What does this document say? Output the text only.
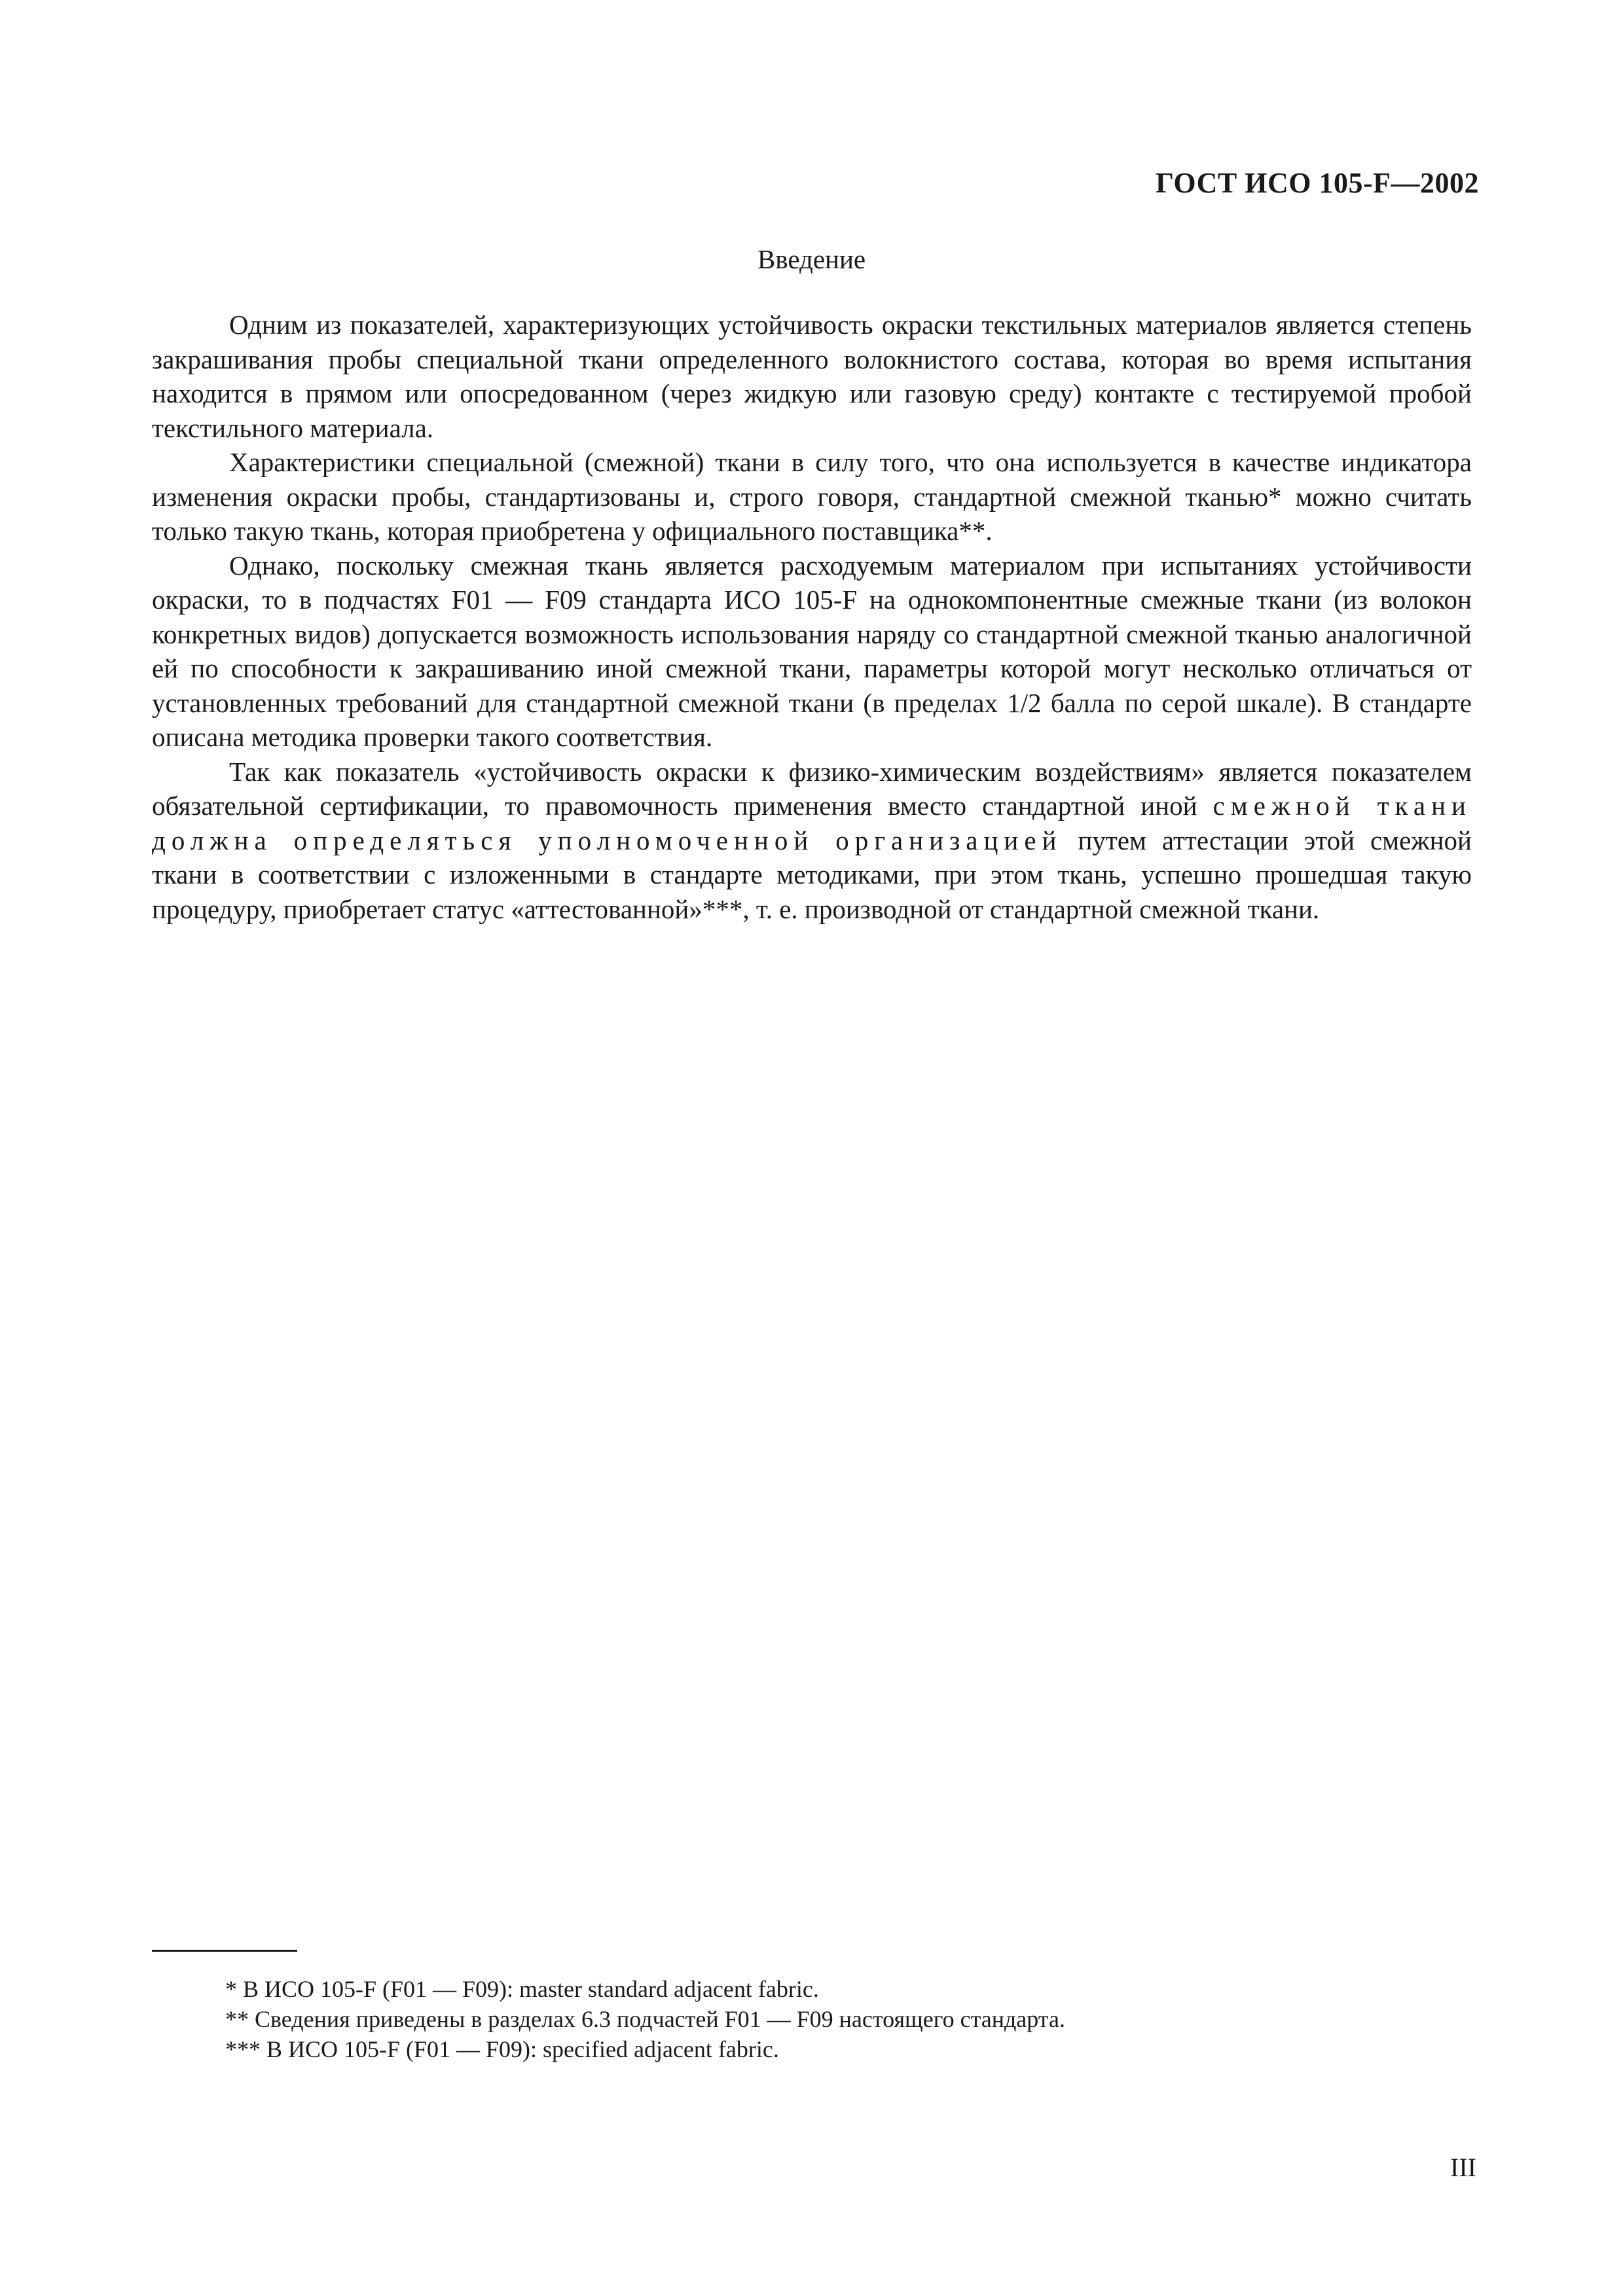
ГОСТ ИСО 105-F—2002
Введение

Одним из показателей, характеризующих устойчивость окраски текстильных материалов является степень закрашивания пробы специальной ткани определенного волокнистого состава, которая во время испытания находится в прямом или опосредованном (через жидкую или газовую среду) контакте с тестируемой пробой текстильного материала.

Характеристики специальной (смежной) ткани в силу того, что она используется в качестве индикатора изменения окраски пробы, стандартизованы и, строго говоря, стандартной смежной тканью* можно считать только такую ткань, которая приобретена у официального поставщика**.

Однако, поскольку смежная ткань является расходуемым материалом при испытаниях устойчивости окраски, то в подчастях F01 — F09 стандарта ИСО 105-F на однокомпонентные смежные ткани (из волокон конкретных видов) допускается возможность использования наряду со стандартной смежной тканью аналогичной ей по способности к закрашиванию иной смежной ткани, параметры которой могут несколько отличаться от установленных требований для стандартной смежной ткани (в пределах 1/2 балла по серой шкале). В стандарте описана методика проверки такого соответствия.

Так как показатель «устойчивость окраски к физико-химическим воздействиям» является показателем обязательной сертификации, то правомочность применения вместо стандартной иной смежной ткани должна определяться уполномоченной организацией путем аттестации этой смежной ткани в соответствии с изложенными в стандарте методиками, при этом ткань, успешно прошедшая такую процедуру, приобретает статус «аттестованной»***, т. е. производной от стандартной смежной ткани.

* В ИСО 105-F (F01 — F09): master standard adjacent fabric.

** Сведения приведены в разделах 6.3 подчастей F01 — F09 настоящего стандарта.

*** В ИСО 105-F (F01 — F09): specified adjacent fabric.

III
